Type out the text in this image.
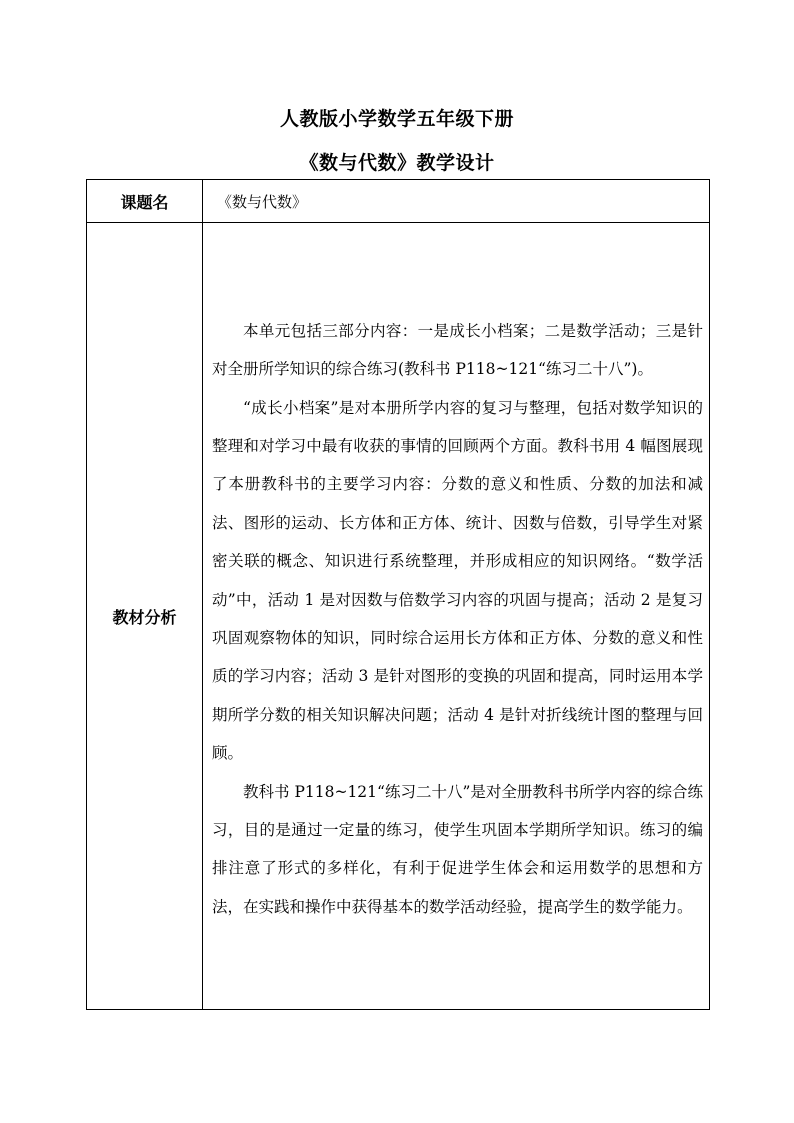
人教版小学数学五年级下册
《数与代数》教学设计
课题名	《数与代数》
教材分析	本单元包括三部分内容：一是成长小档案；二是数学活动；三是针对全册所学知识的综合练习(教科书 P118~121“练习二十八”)。

“成长小档案”是对本册所学内容的复习与整理，包括对数学知识的整理和对学习中最有收获的事情的回顾两个方面。教科书用 4 幅图展现了本册教科书的主要学习内容：分数的意义和性质、分数的加法和减法、图形的运动、长方体和正方体、统计、因数与倍数，引导学生对紧密关联的概念、知识进行系统整理，并形成相应的知识网络。“数学活动”中，活动 1 是对因数与倍数学习内容的巩固与提高；活动 2 是复习巩固观察物体的知识，同时综合运用长方体和正方体、分数的意义和性质的学习内容；活动 3 是针对图形的变换的巩固和提高，同时运用本学期所学分数的相关知识解决问题；活动 4 是针对折线统计图的整理与回顾。

教科书 P118~121“练习二十八”是对全册教科书所学内容的综合练习，目的是通过一定量的练习，使学生巩固本学期所学知识。练习的编排注意了形式的多样化，有利于促进学生体会和运用数学的思想和方法，在实践和操作中获得基本的数学活动经验，提高学生的数学能力。
